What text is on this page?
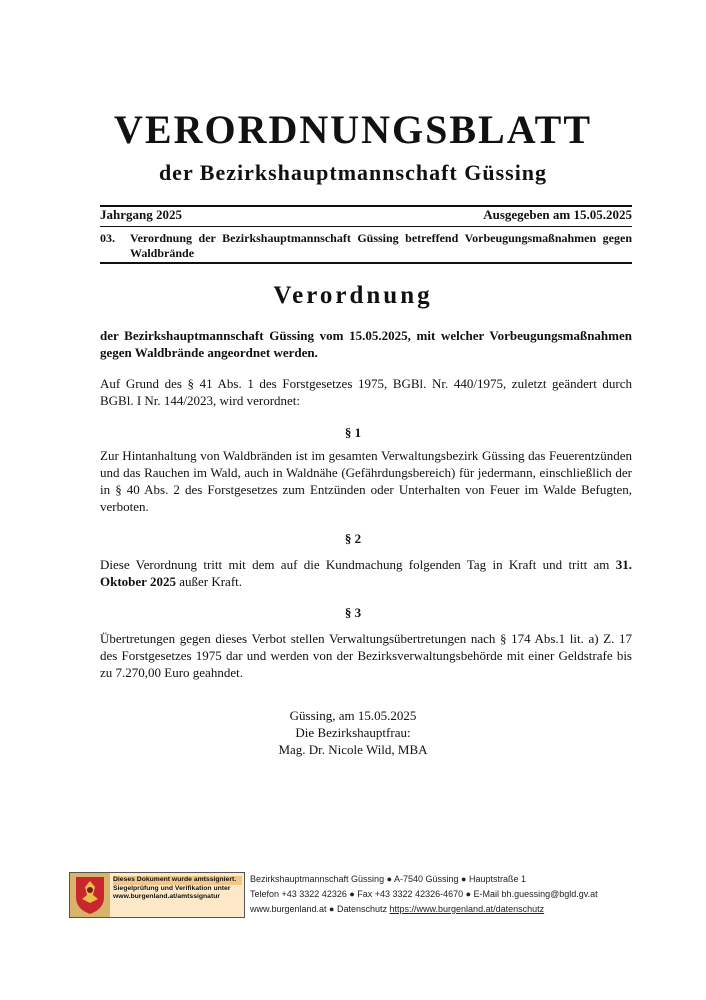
VERORDNUNGSBLATT
der Bezirkshauptmannschaft Güssing
Jahrgang 2025	Ausgegeben am 15.05.2025
03.	Verordnung der Bezirkshauptmannschaft Güssing betreffend Vorbeugungsmaßnahmen gegen Waldbrände
Verordnung
der Bezirkshauptmannschaft Güssing vom 15.05.2025, mit welcher Vorbeugungsmaßnahmen gegen Waldbrände angeordnet werden.
Auf Grund des § 41 Abs. 1 des Forstgesetzes 1975, BGBl. Nr. 440/1975, zuletzt geändert durch BGBl. I Nr. 144/2023, wird verordnet:
§ 1
Zur Hintanhaltung von Waldbränden ist im gesamten Verwaltungsbezirk Güssing das Feuerentzünden und das Rauchen im Wald, auch in Waldnähe (Gefährdungsbereich) für jedermann, einschließlich der in § 40 Abs. 2 des Forstgesetzes zum Entzünden oder Unterhalten von Feuer im Walde Befugten, verboten.
§ 2
Diese Verordnung tritt mit dem auf die Kundmachung folgenden Tag in Kraft und tritt am 31. Oktober 2025 außer Kraft.
§ 3
Übertretungen gegen dieses Verbot stellen Verwaltungsübertretungen nach § 174 Abs.1 lit. a) Z. 17 des Forstgesetzes 1975 dar und werden von der Bezirksverwaltungsbehörde mit einer Geldstrafe bis zu 7.270,00 Euro geahndet.
Güssing, am 15.05.2025
Die Bezirkshauptfrau:
Mag. Dr. Nicole Wild, MBA
Dieses Dokument wurde amtssigniert.
Siegelprüfung und Verifikation unter
www.burgenland.at/amtssignatur
Bezirkshauptmannschaft Güssing ● A-7540 Güssing ● Hauptstraße 1
Telefon +43 3322 42326 ● Fax +43 3322 42326-4670 ● E-Mail bh.guessing@bgld.gv.at
www.burgenland.at ● Datenschutz https://www.burgenland.at/datenschutz
